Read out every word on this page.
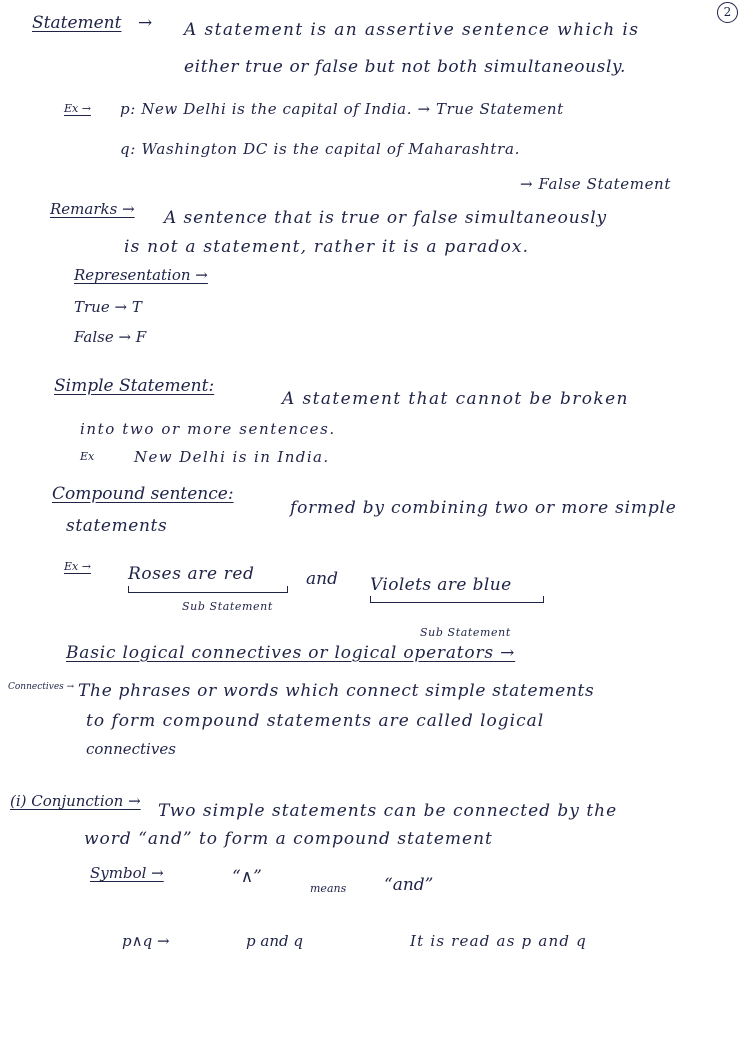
2
Statement → A statement is an assertive sentence which is
either true or false but not both simultaneously.
Ex → p: New Delhi is the capital of India. → True Statement
q: Washington DC is the capital of Maharashtra.
→ False Statement
Remarks → A sentence that is true or false simultaneously
is not a statement, rather it is a paradox.
Representation →
True → T
False → F
Simple Statement:
A statement that cannot be broken
into two or more sentences.
Ex	New Delhi is in India.
Compound sentence:
formed by combining two or more simple
statements
Ex → Roses are red	and Violets are blue
Sub Statement
Sub Statement
Basic logical connectives or logical operators →
Connectives → The phrases or words which connect simple statements
to form compound statements are called logical
connectives
(i) Conjunction → Two simple statements can be connected by the
word “and” to form a compound statement
Symbol →	“∧”
means “and”
p∧q →	p and q	It is read as p and q
